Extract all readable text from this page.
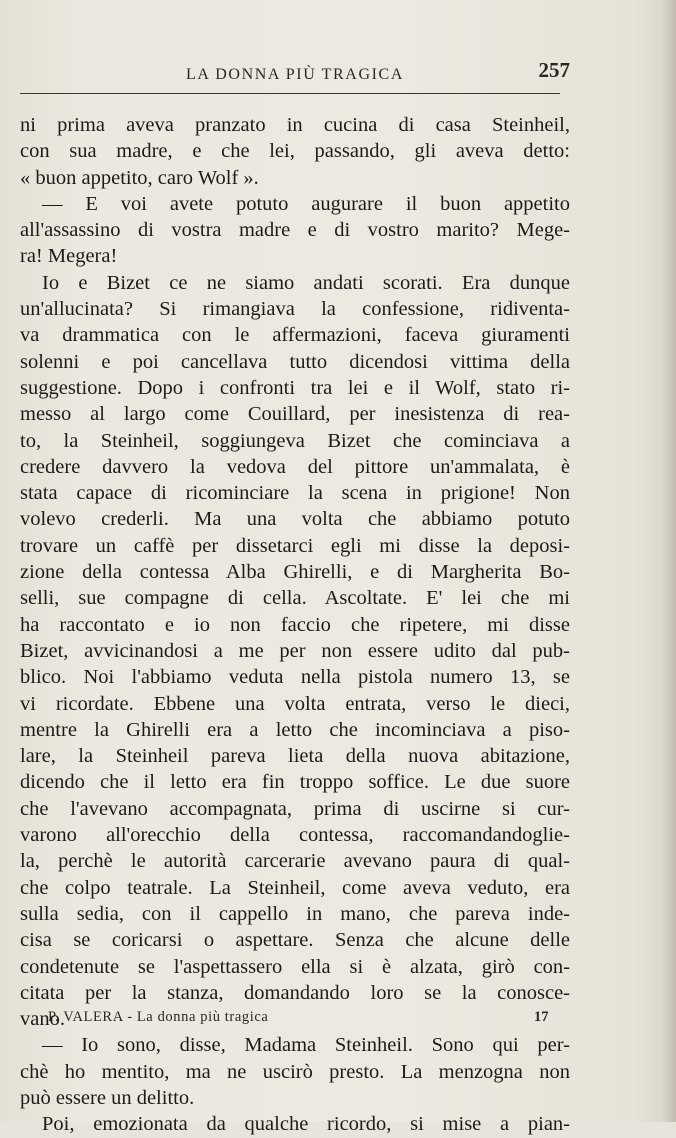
LA DONNA PIÙ TRAGICA	257
ni prima aveva pranzato in cucina di casa Steinheil,
con sua madre, e che lei, passando, gli aveva detto:
« buon appetito, caro Wolf ».
— E voi avete potuto augurare il buon appetito
all'assassino di vostra madre e di vostro marito? Mege-
ra! Megera!
Io e Bizet ce ne siamo andati scorati. Era dunque
un'allucinata? Si rimangiava la confessione, ridiventa-
va drammatica con le affermazioni, faceva giuramenti
solenni e poi cancellava tutto dicendosi vittima della
suggestione. Dopo i confronti tra lei e il Wolf, stato ri-
messo al largo come Couillard, per inesistenza di rea-
to, la Steinheil, soggiungeva Bizet che cominciava a
credere davvero la vedova del pittore un'ammalata, è
stata capace di ricominciare la scena in prigione! Non
volevo crederli. Ma una volta che abbiamo potuto
trovare un caffè per dissetarci egli mi disse la deposi-
zione della contessa Alba Ghirelli, e di Margherita Bo-
selli, sue compagne di cella. Ascoltate. E' lei che mi
ha raccontato e io non faccio che ripetere, mi disse
Bizet, avvicinandosi a me per non essere udito dal pub-
blico. Noi l'abbiamo veduta nella pistola numero 13, se
vi ricordate. Ebbene una volta entrata, verso le dieci,
mentre la Ghirelli era a letto che incominciava a piso-
lare, la Steinheil pareva lieta della nuova abitazione,
dicendo che il letto era fin troppo soffice. Le due suore
che l'avevano accompagnata, prima di uscirne si cur-
varono all'orecchio della contessa, raccomandandoglie-
la, perchè le autorità carcerarie avevano paura di qual-
che colpo teatrale. La Steinheil, come aveva veduto, era
sulla sedia, con il cappello in mano, che pareva inde-
cisa se coricarsi o aspettare. Senza che alcune delle
condetenute se l'aspettassero ella si è alzata, girò con-
citata per la stanza, domandando loro se la conosce-
vano.
— Io sono, disse, Madama Steinheil. Sono qui per-
chè ho mentito, ma ne uscirò presto. La menzogna non
può essere un delitto.
Poi, emozionata da qualche ricordo, si mise a pian-
P. VALERA - La donna più tragica	17
